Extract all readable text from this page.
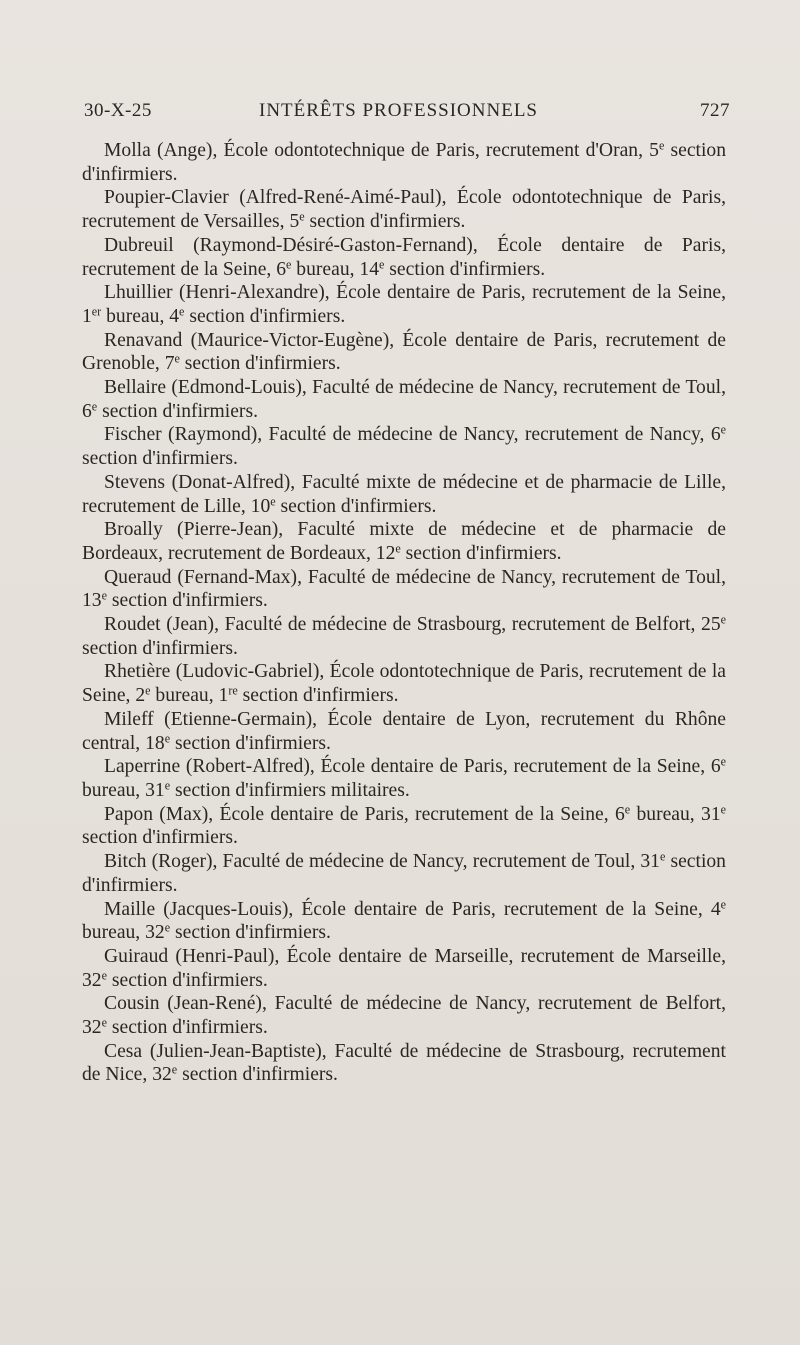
30-X-25	INTÉRÊTS PROFESSIONNELS	727

Molla (Ange), École odontotechnique de Paris, recrutement d'Oran, 5e section d'infirmiers.

Poupier-Clavier (Alfred-René-Aimé-Paul), École odontotechnique de Paris, recrutement de Versailles, 5e section d'infirmiers.

Dubreuil (Raymond-Désiré-Gaston-Fernand), École dentaire de Paris, recrutement de la Seine, 6e bureau, 14e section d'infirmiers.

Lhuillier (Henri-Alexandre), École dentaire de Paris, recrutement de la Seine, 1er bureau, 4e section d'infirmiers.

Renavand (Maurice-Victor-Eugène), École dentaire de Paris, recrutement de Grenoble, 7e section d'infirmiers.

Bellaire (Edmond-Louis), Faculté de médecine de Nancy, recrutement de Toul, 6e section d'infirmiers.

Fischer (Raymond), Faculté de médecine de Nancy, recrutement de Nancy, 6e section d'infirmiers.

Stevens (Donat-Alfred), Faculté mixte de médecine et de pharmacie de Lille, recrutement de Lille, 10e section d'infirmiers.

Broally (Pierre-Jean), Faculté mixte de médecine et de pharmacie de Bordeaux, recrutement de Bordeaux, 12e section d'infirmiers.

Queraud (Fernand-Max), Faculté de médecine de Nancy, recrutement de Toul, 13e section d'infirmiers.

Roudet (Jean), Faculté de médecine de Strasbourg, recrutement de Belfort, 25e section d'infirmiers.

Rhetière (Ludovic-Gabriel), École odontotechnique de Paris, recrutement de la Seine, 2e bureau, 1re section d'infirmiers.

Mileff (Etienne-Germain), École dentaire de Lyon, recrutement du Rhône central, 18e section d'infirmiers.

Laperrine (Robert-Alfred), École dentaire de Paris, recrutement de la Seine, 6e bureau, 31e section d'infirmiers militaires.

Papon (Max), École dentaire de Paris, recrutement de la Seine, 6e bureau, 31e section d'infirmiers.

Bitch (Roger), Faculté de médecine de Nancy, recrutement de Toul, 31e section d'infirmiers.

Maille (Jacques-Louis), École dentaire de Paris, recrutement de la Seine, 4e bureau, 32e section d'infirmiers.

Guiraud (Henri-Paul), École dentaire de Marseille, recrutement de Marseille, 32e section d'infirmiers.

Cousin (Jean-René), Faculté de médecine de Nancy, recrutement de Belfort, 32e section d'infirmiers.

Cesa (Julien-Jean-Baptiste), Faculté de médecine de Strasbourg, recrutement de Nice, 32e section d'infirmiers.
